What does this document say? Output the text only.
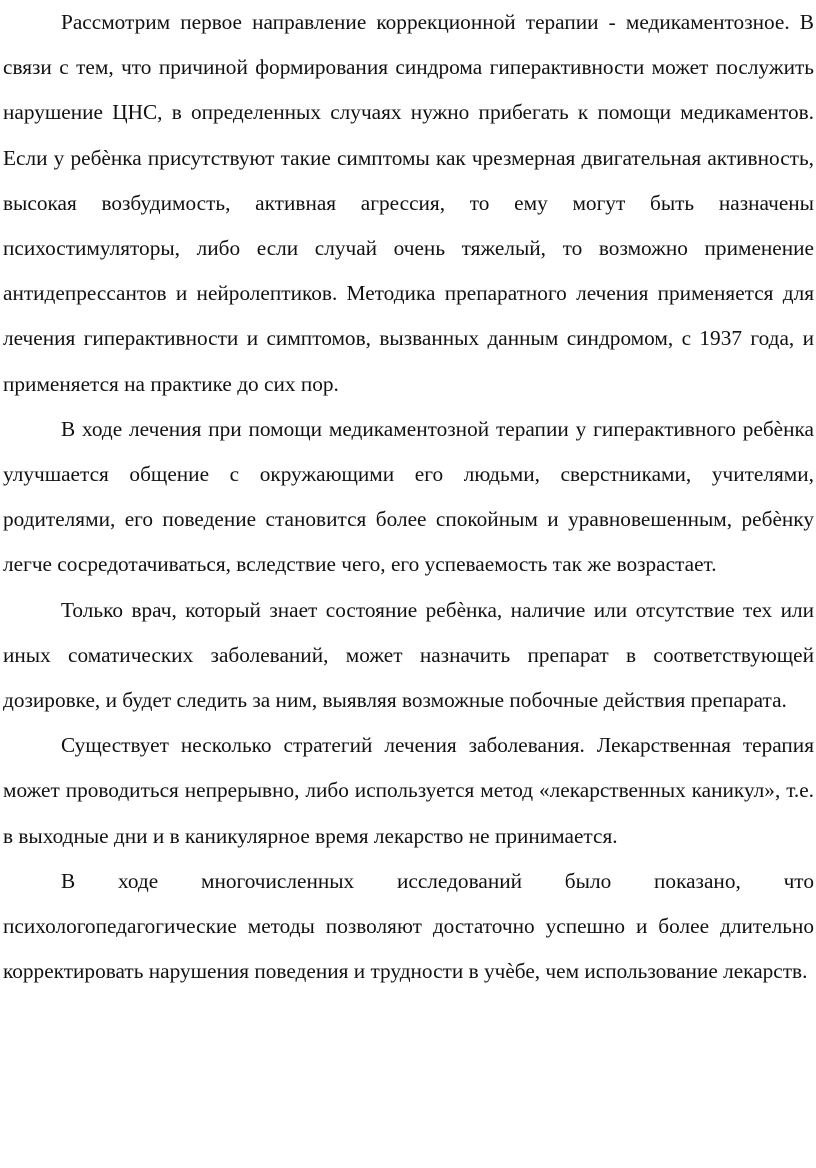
Рассмотрим первое направление коррекционной терапии - медикаментозное. В связи с тем, что причиной формирования синдрома гиперактивности может послужить нарушение ЦНС, в определенных случаях нужно прибегать к помощи медикаментов. Если у ребѐнка присутствуют такие симптомы как чрезмерная двигательная активность, высокая возбудимость, активная агрессия, то ему могут быть назначены психостимуляторы, либо если случай очень тяжелый, то возможно применение антидепрессантов и нейролептиков. Методика препаратного лечения применяется для лечения гиперактивности и симптомов, вызванных данным синдромом, с 1937 года, и применяется на практике до сих пор.

В ходе лечения при помощи медикаментозной терапии у гиперактивного ребѐнка улучшается общение с окружающими его людьми, сверстниками, учителями, родителями, его поведение становится более спокойным и уравновешенным, ребѐнку легче сосредотачиваться, вследствие чего, его успеваемость так же возрастает.

Только врач, который знает состояние ребѐнка, наличие или отсутствие тех или иных соматических заболеваний, может назначить препарат в соответствующей дозировке, и будет следить за ним, выявляя возможные побочные действия препарата.

Существует несколько стратегий лечения заболевания. Лекарственная терапия может проводиться непрерывно, либо используется метод «лекарственных каникул», т.е. в выходные дни и в каникулярное время лекарство не принимается.

В ходе многочисленных исследований было показано, что психологопедагогические методы позволяют достаточно успешно и более длительно корректировать нарушения поведения и трудности в учѐбе, чем использование лекарств.
